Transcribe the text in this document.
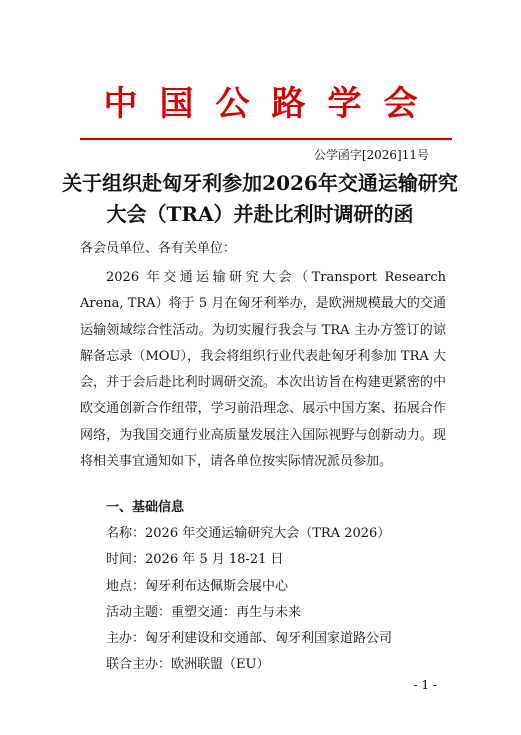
中国公路学会
公学函字[2026]11号
关于组织赴匈牙利参加2026年交通运输研究大会（TRA）并赴比利时调研的函
各会员单位、各有关单位：

2026 年交通运输研究大会（Transport Research Arena, TRA）将于 5 月在匈牙利举办，是欧洲规模最大的交通运输领域综合性活动。为切实履行我会与 TRA 主办方签订的谅解备忘录（MOU），我会将组织行业代表赴匈牙利参加 TRA 大会，并于会后赴比利时调研交流。本次出访旨在构建更紧密的中欧交通创新合作纽带，学习前沿理念、展示中国方案、拓展合作网络，为我国交通行业高质量发展注入国际视野与创新动力。现将相关事宜通知如下，请各单位按实际情况派员参加。

一、基础信息
名称：2026 年交通运输研究大会（TRA 2026）
时间：2026 年 5 月 18-21 日
地点：匈牙利布达佩斯会展中心
活动主题：重塑交通：再生与未来
主办：匈牙利建设和交通部、匈牙利国家道路公司
联合主办：欧洲联盟（EU）
- 1 -
